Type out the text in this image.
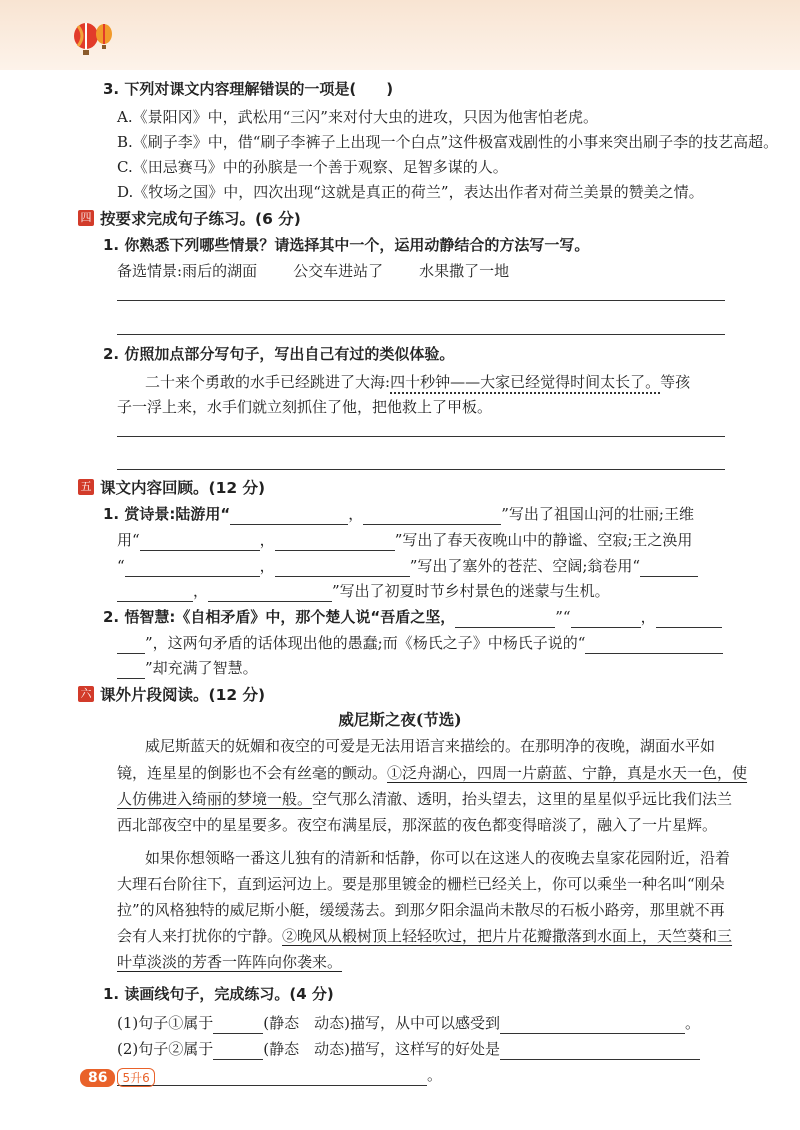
3. 下列对课文内容理解错误的一项是(　　)
A.《景阳冈》中，武松用“三闪”来对付大虫的进攻，只因为他害怕老虎。
B.《刷子李》中，借“刷子李裤子上出现一个白点”这件极富戏剧性的小事来突出刷子李的技艺高超。
C.《田忌赛马》中的孙膑是一个善于观察、足智多谋的人。
D.《牧场之国》中，四次出现“这就是真正的荷兰”，表达出作者对荷兰美景的赞美之情。
四 按要求完成句子练习。(6 分)
1. 你熟悉下列哪些情景？请选择其中一个，运用动静结合的方法写一写。
备选情景:雨后的湖面 公交车进站了 水果撒了一地
2. 仿照加点部分写句子，写出自己有过的类似体验。
二十来个勇敢的水手已经跳进了大海:四十秒钟——大家已经觉得时间太长了。等孩
子一浮上来，水手们就立刻抓住了他，把他救上了甲板。
五 课文内容回顾。(12 分)
1. 赏诗景:陆游用“	，	”写出了祖国山河的壮丽;王维
用“	，	”写出了春天夜晚山中的静谧、空寂;王之涣用
“	，	”写出了塞外的苍茫、空阔;翁卷用“
，	”写出了初夏时节乡村景色的迷蒙与生机。
2. 悟智慧:《自相矛盾》中，那个楚人说“吾盾之坚，	”“	，
”，这两句矛盾的话体现出他的愚蠢;而《杨氏之子》中杨氏子说的“
”却充满了智慧。
六 课外片段阅读。(12 分)
威尼斯之夜(节选)
威尼斯蓝天的妩媚和夜空的可爱是无法用语言来描绘的。在那明净的夜晚，湖面水平如
镜，连星星的倒影也不会有丝毫的颤动。①泛舟湖心，四周一片蔚蓝、宁静，真是水天一色，使
人仿佛进入绮丽的梦境一般。空气那么清澈、透明，抬头望去，这里的星星似乎远比我们法兰
西北部夜空中的星星要多。夜空布满星辰，那深蓝的夜色都变得暗淡了，融入了一片星辉。
如果你想领略一番这儿独有的清新和恬静，你可以在这迷人的夜晚去皇家花园附近，沿着
大理石台阶往下，直到运河边上。要是那里镀金的栅栏已经关上，你可以乘坐一种名叫“刚朵
拉”的风格独特的威尼斯小艇，缓缓荡去。到那夕阳余温尚未散尽的石板小路旁，那里就不再
会有人来打扰你的宁静。②晚风从椴树顶上轻轻吹过，把片片花瓣撒落到水面上，天竺葵和三
叶草淡淡的芳香一阵阵向你袭来。
1. 读画线句子，完成练习。(4 分)
(1)句子①属于	(静态　动态)描写，从中可以感受到	。
(2)句子②属于	(静态　动态)描写，这样写的好处是
。
86	5升6
